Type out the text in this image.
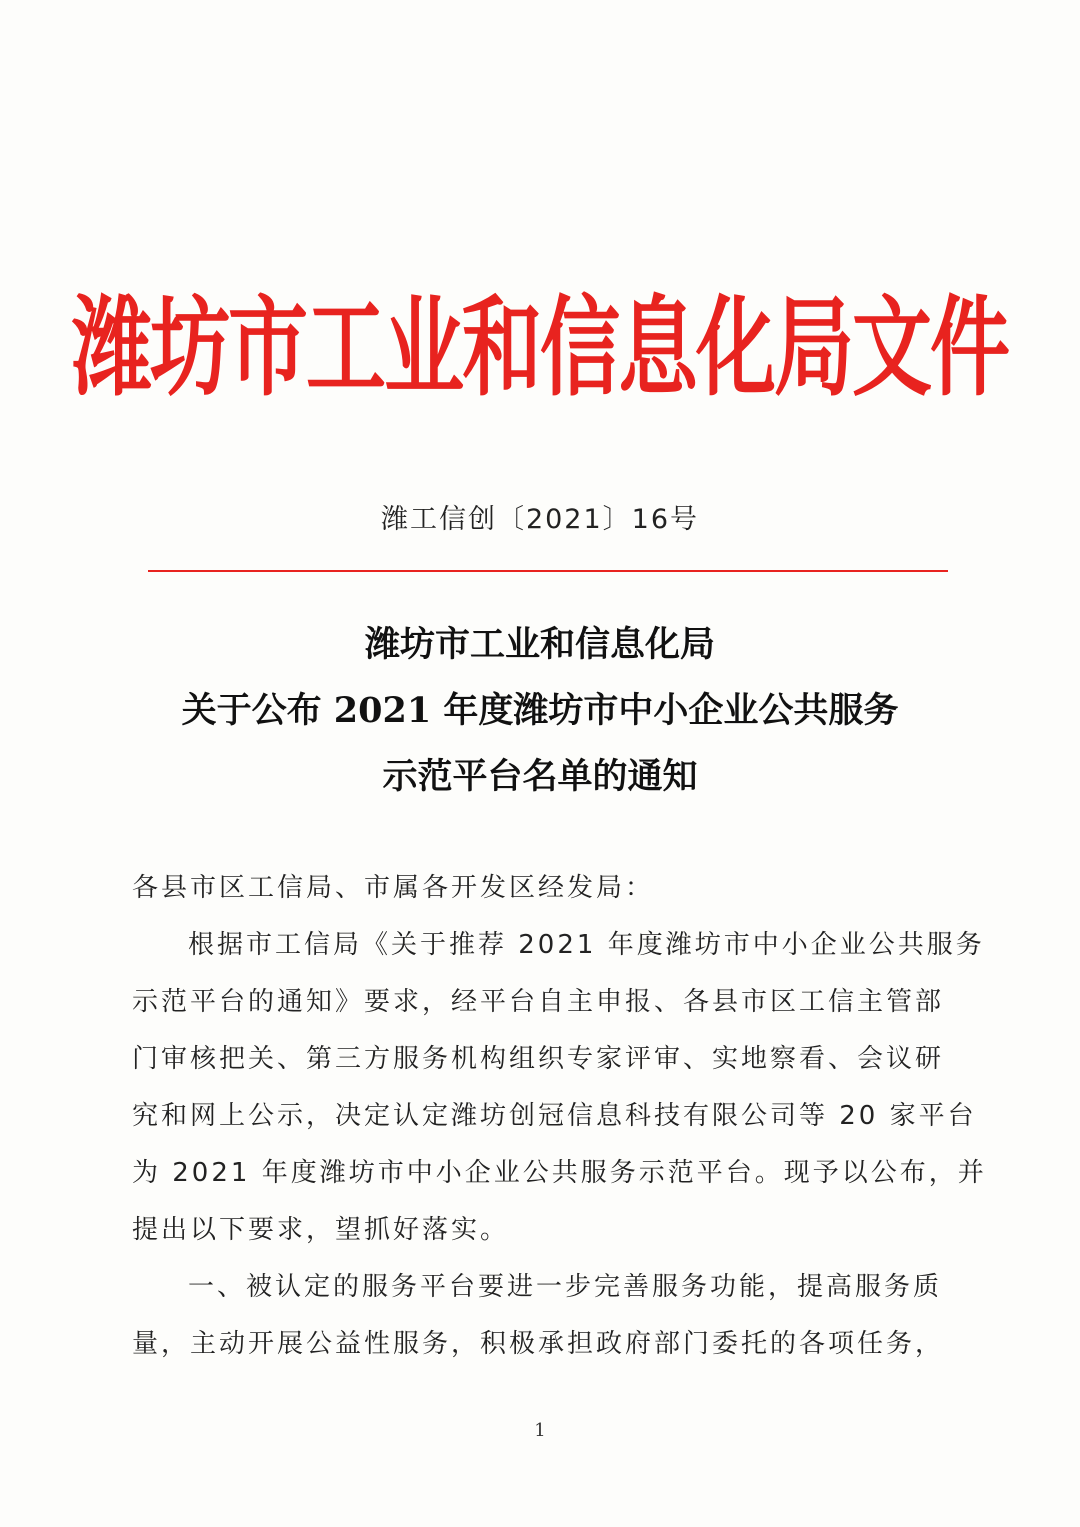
潍坊市工业和信息化局文件
潍工信创〔2021〕16号
潍坊市工业和信息化局
关于公布 2021 年度潍坊市中小企业公共服务
示范平台名单的通知
各县市区工信局、市属各开发区经发局：
根据市工信局《关于推荐 2021 年度潍坊市中小企业公共服务
示范平台的通知》要求，经平台自主申报、各县市区工信主管部
门审核把关、第三方服务机构组织专家评审、实地察看、会议研
究和网上公示，决定认定潍坊创冠信息科技有限公司等 20 家平台
为 2021 年度潍坊市中小企业公共服务示范平台。现予以公布，并
提出以下要求，望抓好落实。
一、被认定的服务平台要进一步完善服务功能，提高服务质
量，主动开展公益性服务，积极承担政府部门委托的各项任务，
1
